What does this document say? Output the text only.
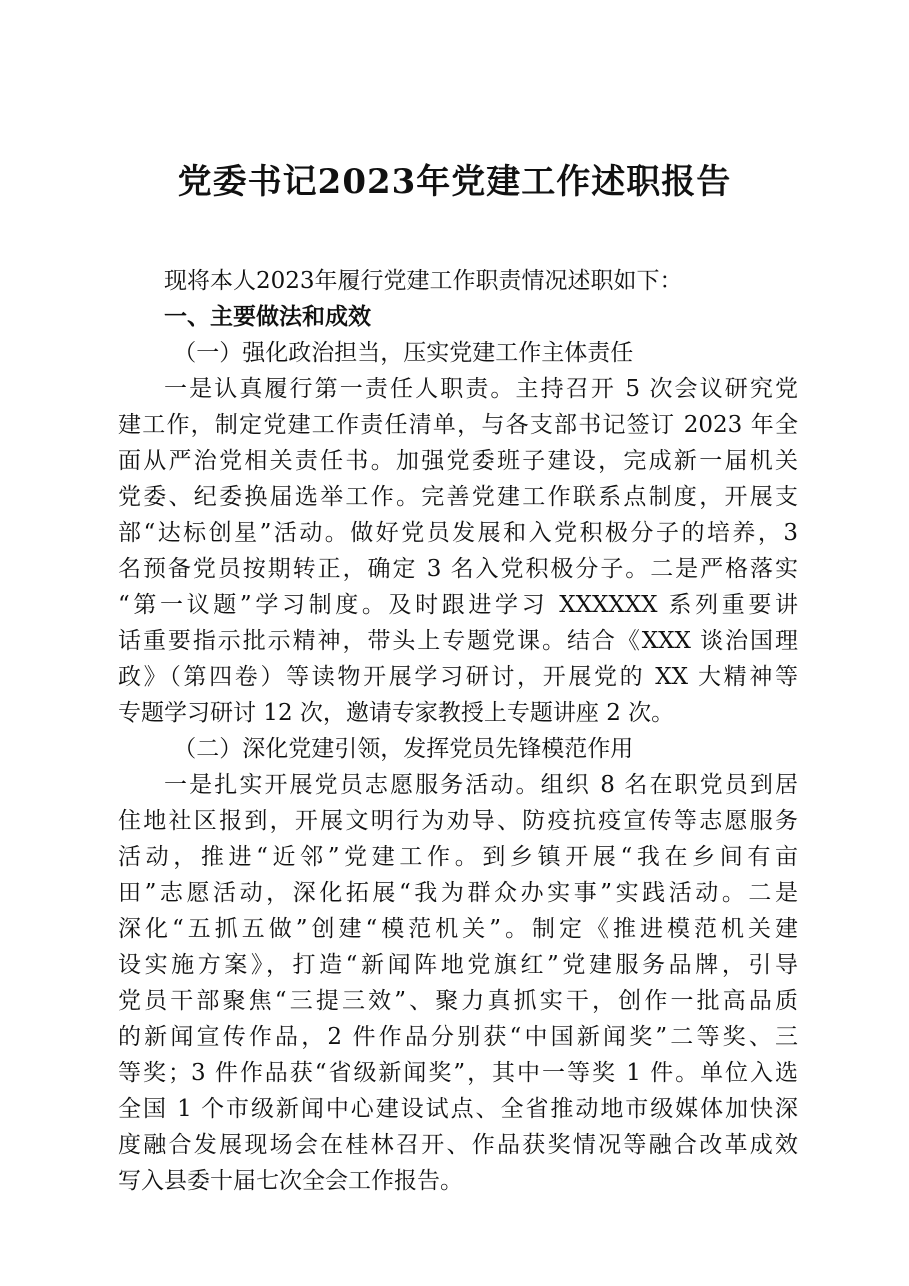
党委书记2023年党建工作述职报告

现将本人2023年履行党建工作职责情况述职如下：

一、主要做法和成效

（一）强化政治担当，压实党建工作主体责任

一是认真履行第一责任人职责。主持召开 5 次会议研究党
建工作，制定党建工作责任清单，与各支部书记签订 2023 年全
面从严治党相关责任书。加强党委班子建设，完成新一届机关
党委、纪委换届选举工作。完善党建工作联系点制度，开展支
部“达标创星”活动。做好党员发展和入党积极分子的培养，3
名预备党员按期转正，确定 3 名入党积极分子。二是严格落实
“第一议题”学习制度。及时跟进学习 XXXXXX 系列重要讲
话重要指示批示精神，带头上专题党课。结合《XXX 谈治国理
政》（第四卷）等读物开展学习研讨，开展党的 XX 大精神等
专题学习研讨 12 次，邀请专家教授上专题讲座 2 次。

（二）深化党建引领，发挥党员先锋模范作用

一是扎实开展党员志愿服务活动。组织 8 名在职党员到居
住地社区报到，开展文明行为劝导、防疫抗疫宣传等志愿服务
活动，推进“近邻”党建工作。到乡镇开展“我在乡间有亩
田”志愿活动，深化拓展“我为群众办实事”实践活动。二是
深化“五抓五做”创建“模范机关”。制定《推进模范机关建
设实施方案》，打造“新闻阵地党旗红”党建服务品牌，引导
党员干部聚焦“三提三效”、聚力真抓实干，创作一批高品质
的新闻宣传作品，2 件作品分别获“中国新闻奖”二等奖、三
等奖；3 件作品获“省级新闻奖”，其中一等奖 1 件。单位入选
全国 1 个市级新闻中心建设试点、全省推动地市级媒体加快深
度融合发展现场会在桂林召开、作品获奖情况等融合改革成效
写入县委十届七次全会工作报告。
